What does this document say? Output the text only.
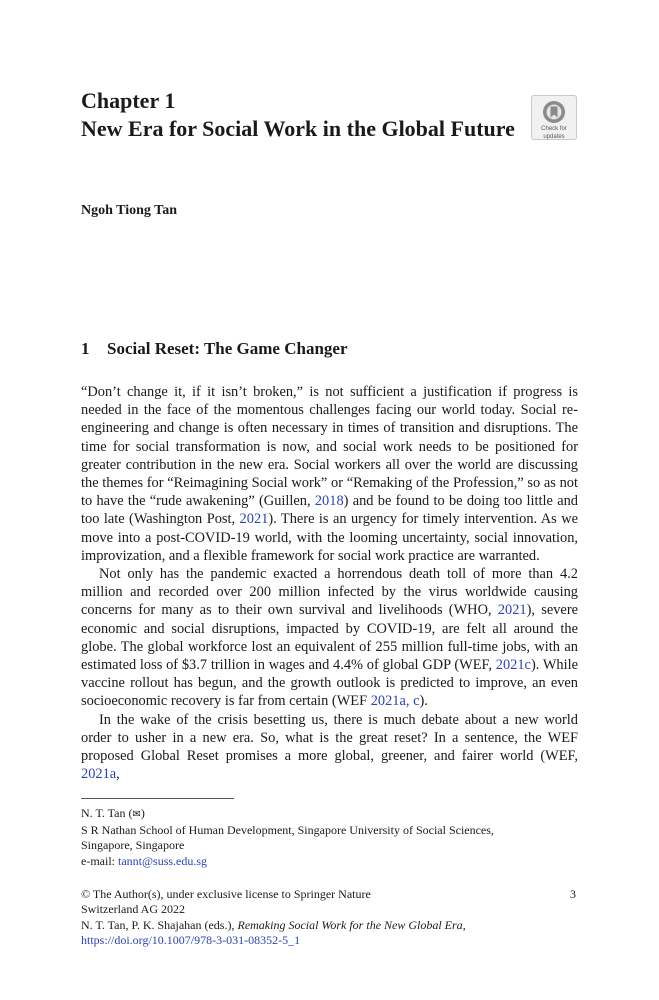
Chapter 1
New Era for Social Work in the Global Future	Check for
updates
Ngoh Tiong Tan
1 Social Reset: The Game Changer

“Don’t change it, if it isn’t broken,” is not sufficient a justification if progress is needed in the face of the momentous challenges facing our world today. Social re-engineering and change is often necessary in times of transition and disruptions. The time for social transformation is now, and social work needs to be positioned for greater contribution in the new era. Social workers all over the world are discussing the themes for “Reimagining Social work” or “Remaking of the Profession,” so as not to have the “rude awakening” (Guillen, 2018) and be found to be doing too little and too late (Washington Post, 2021). There is an urgency for timely intervention. As we move into a post-COVID-19 world, with the looming uncertainty, social innovation, improvization, and a flexible framework for social work practice are warranted.

Not only has the pandemic exacted a horrendous death toll of more than 4.2 million and recorded over 200 million infected by the virus worldwide causing concerns for many as to their own survival and livelihoods (WHO, 2021), severe economic and social disruptions, impacted by COVID-19, are felt all around the globe. The global workforce lost an equivalent of 255 million full-time jobs, with an estimated loss of $3.7 trillion in wages and 4.4% of global GDP (WEF, 2021c). While vaccine rollout has begun, and the growth outlook is predicted to improve, an even socioeconomic recovery is far from certain (WEF 2021a, c).

In the wake of the crisis besetting us, there is much debate about a new world order to usher in a new era. So, what is the great reset? In a sentence, the WEF proposed Global Reset promises a more global, greener, and fairer world (WEF, 2021a,

N. T. Tan (✉)
S R Nathan School of Human Development, Singapore University of Social Sciences,
Singapore, Singapore
e-mail: tannt@suss.edu.sg
© The Author(s), under exclusive license to Springer Nature
Switzerland AG 2022
N. T. Tan, P. K. Shajahan (eds.), Remaking Social Work for the New Global Era,
https://doi.org/10.1007/978-3-031-08352-5_1
3
